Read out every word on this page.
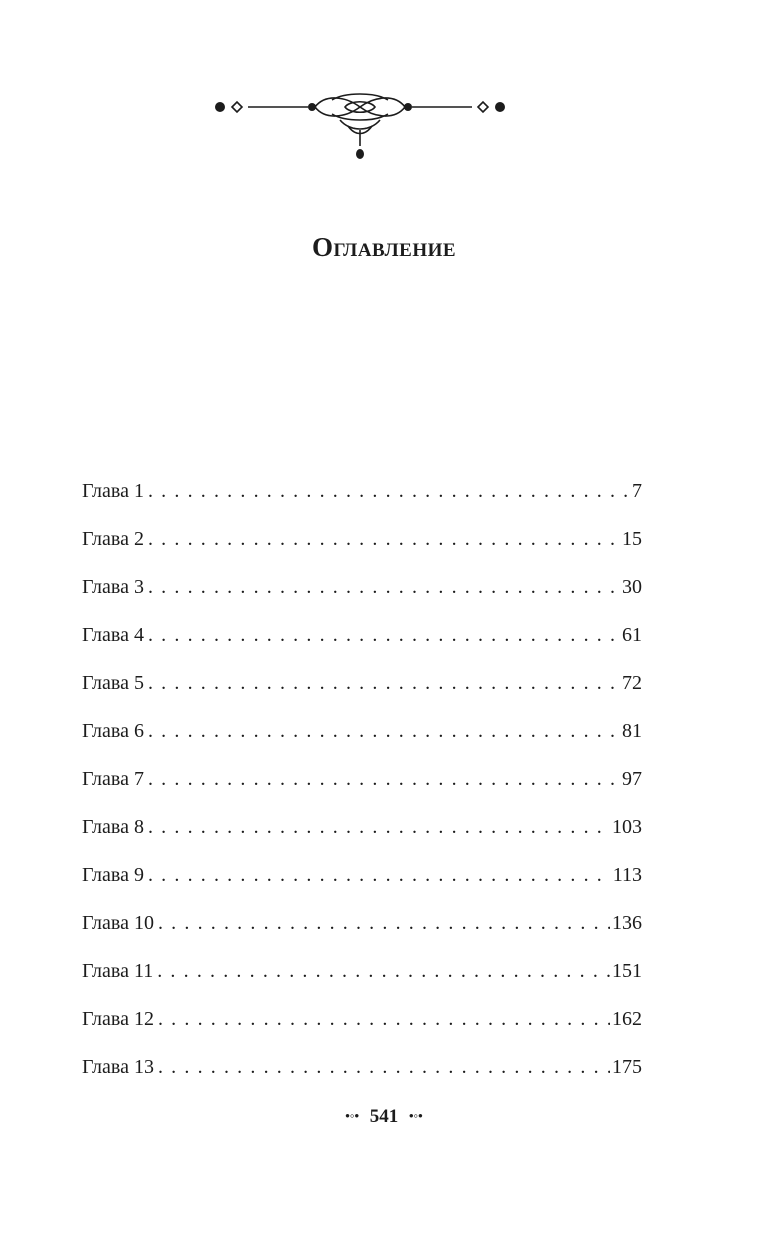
Оглавление
Глава 1 . . .	7
Глава 2 . . .	15
Глава 3 . . .	30
Глава 4 . . .	61
Глава 5 . . .	72
Глава 6 . . .	81
Глава 7 . . .	97
Глава 8 . . .	103
Глава 9 . . .	113
Глава 10 . . .	136
Глава 11 . . .	151
Глава 12 . . .	162
Глава 13 . . .	175
•◦• 541 •◦•
